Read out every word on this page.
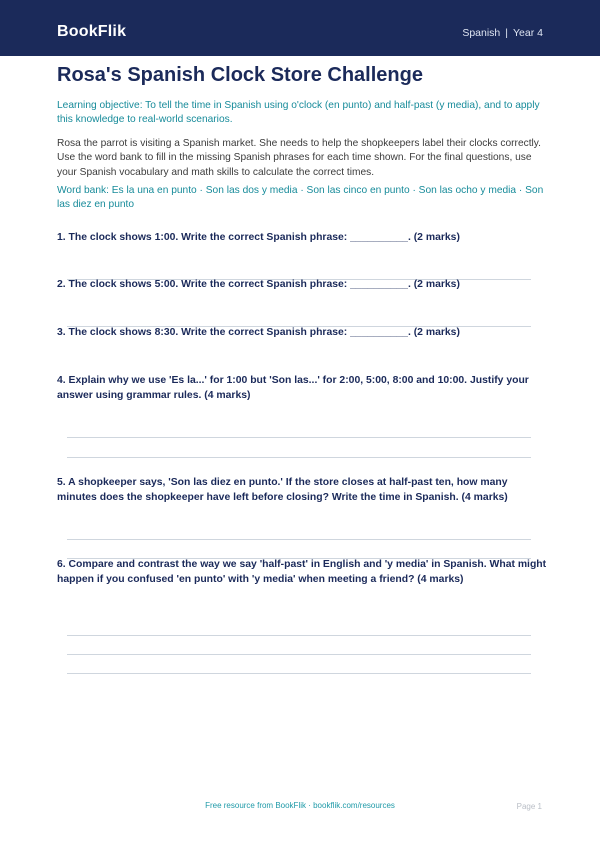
BookFlik	Spanish | Year 4
Rosa's Spanish Clock Store Challenge

Learning objective: To tell the time in Spanish using o'clock (en punto) and half-past (y media), and to apply this knowledge to real-world scenarios.

Rosa the parrot is visiting a Spanish market. She needs to help the shopkeepers label their clocks correctly. Use the word bank to fill in the missing Spanish phrases for each time shown. For the final questions, use your Spanish vocabulary and math skills to calculate the correct times.

Word bank: Es la una en punto · Son las dos y media · Son las cinco en punto · Son las ocho y media · Son las diez en punto

1. The clock shows 1:00. Write the correct Spanish phrase: __________. (2 marks)

2. The clock shows 5:00. Write the correct Spanish phrase: __________. (2 marks)

3. The clock shows 8:30. Write the correct Spanish phrase: __________. (2 marks)

4. Explain why we use 'Es la...' for 1:00 but 'Son las...' for 2:00, 5:00, 8:00 and 10:00. Justify your answer using grammar rules. (4 marks)

5. A shopkeeper says, 'Son las diez en punto.' If the store closes at half-past ten, how many minutes does the shopkeeper have left before closing? Write the time in Spanish. (4 marks)

6. Compare and contrast the way we say 'half-past' in English and 'y media' in Spanish. What might happen if you confused 'en punto' with 'y media' when meeting a friend? (4 marks)

Free resource from BookFlik · bookflik.com/resources	Page 1
